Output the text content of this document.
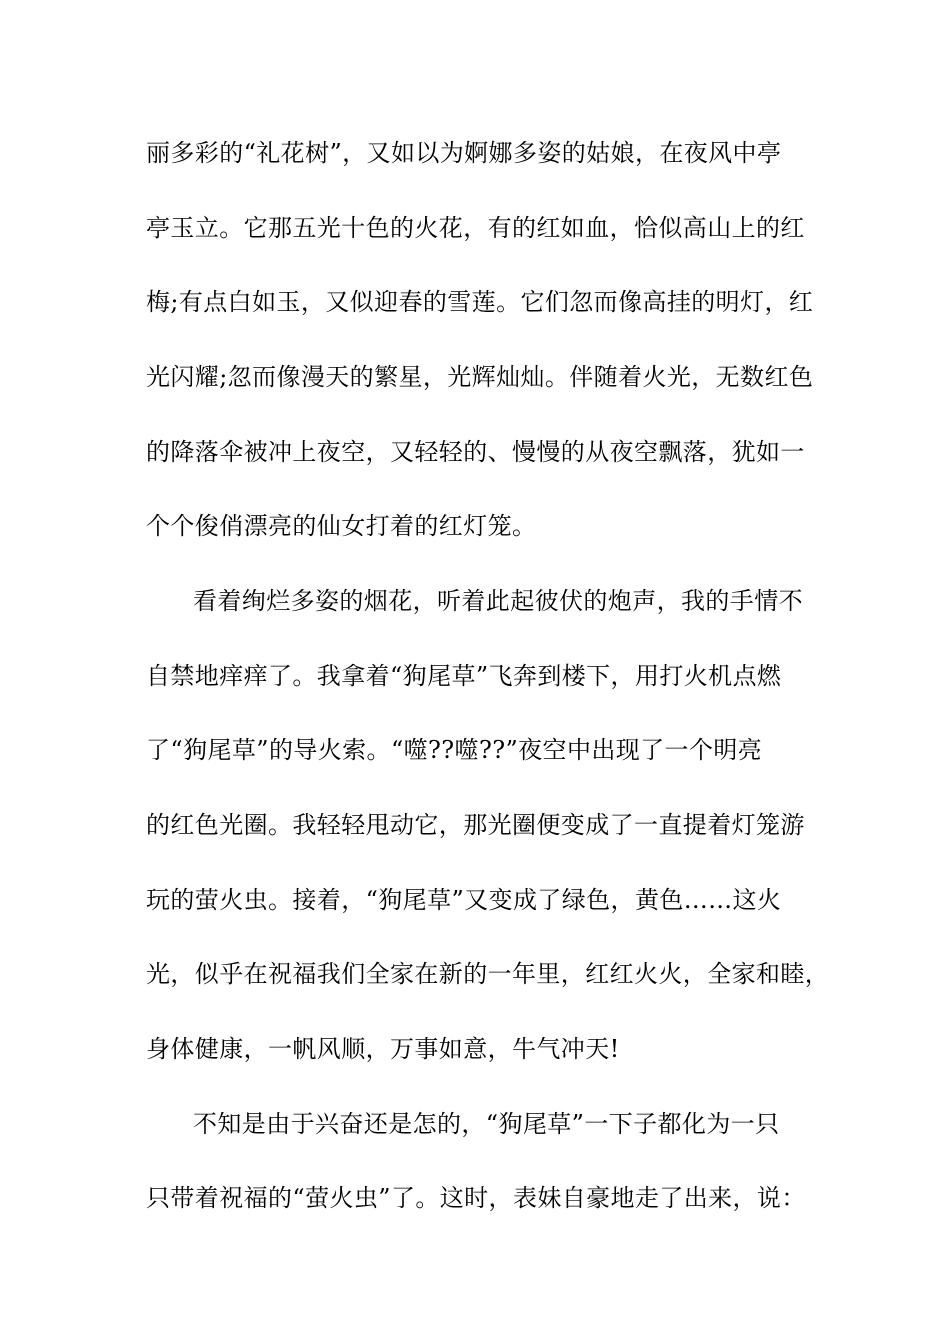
丽多彩的“礼花树”，又如以为婀娜多姿的姑娘，在夜风中亭
亭玉立。它那五光十色的火花，有的红如血，恰似高山上的红
梅;有点白如玉，又似迎春的雪莲。它们忽而像高挂的明灯，红
光闪耀;忽而像漫天的繁星，光辉灿灿。伴随着火光，无数红色
的降落伞被冲上夜空，又轻轻的、慢慢的从夜空飘落，犹如一
个个俊俏漂亮的仙女打着的红灯笼。
看着绚烂多姿的烟花，听着此起彼伏的炮声，我的手情不
自禁地痒痒了。我拿着“狗尾草”飞奔到楼下，用打火机点燃
了“狗尾草”的导火索。“噬??噬??”夜空中出现了一个明亮
的红色光圈。我轻轻甩动它，那光圈便变成了一直提着灯笼游
玩的萤火虫。接着，“狗尾草”又变成了绿色，黄色……这火
光，似乎在祝福我们全家在新的一年里，红红火火，全家和睦，
身体健康，一帆风顺，万事如意，牛气冲天!
不知是由于兴奋还是怎的，“狗尾草”一下子都化为一只
只带着祝福的“萤火虫”了。这时，表妹自豪地走了出来，说：
